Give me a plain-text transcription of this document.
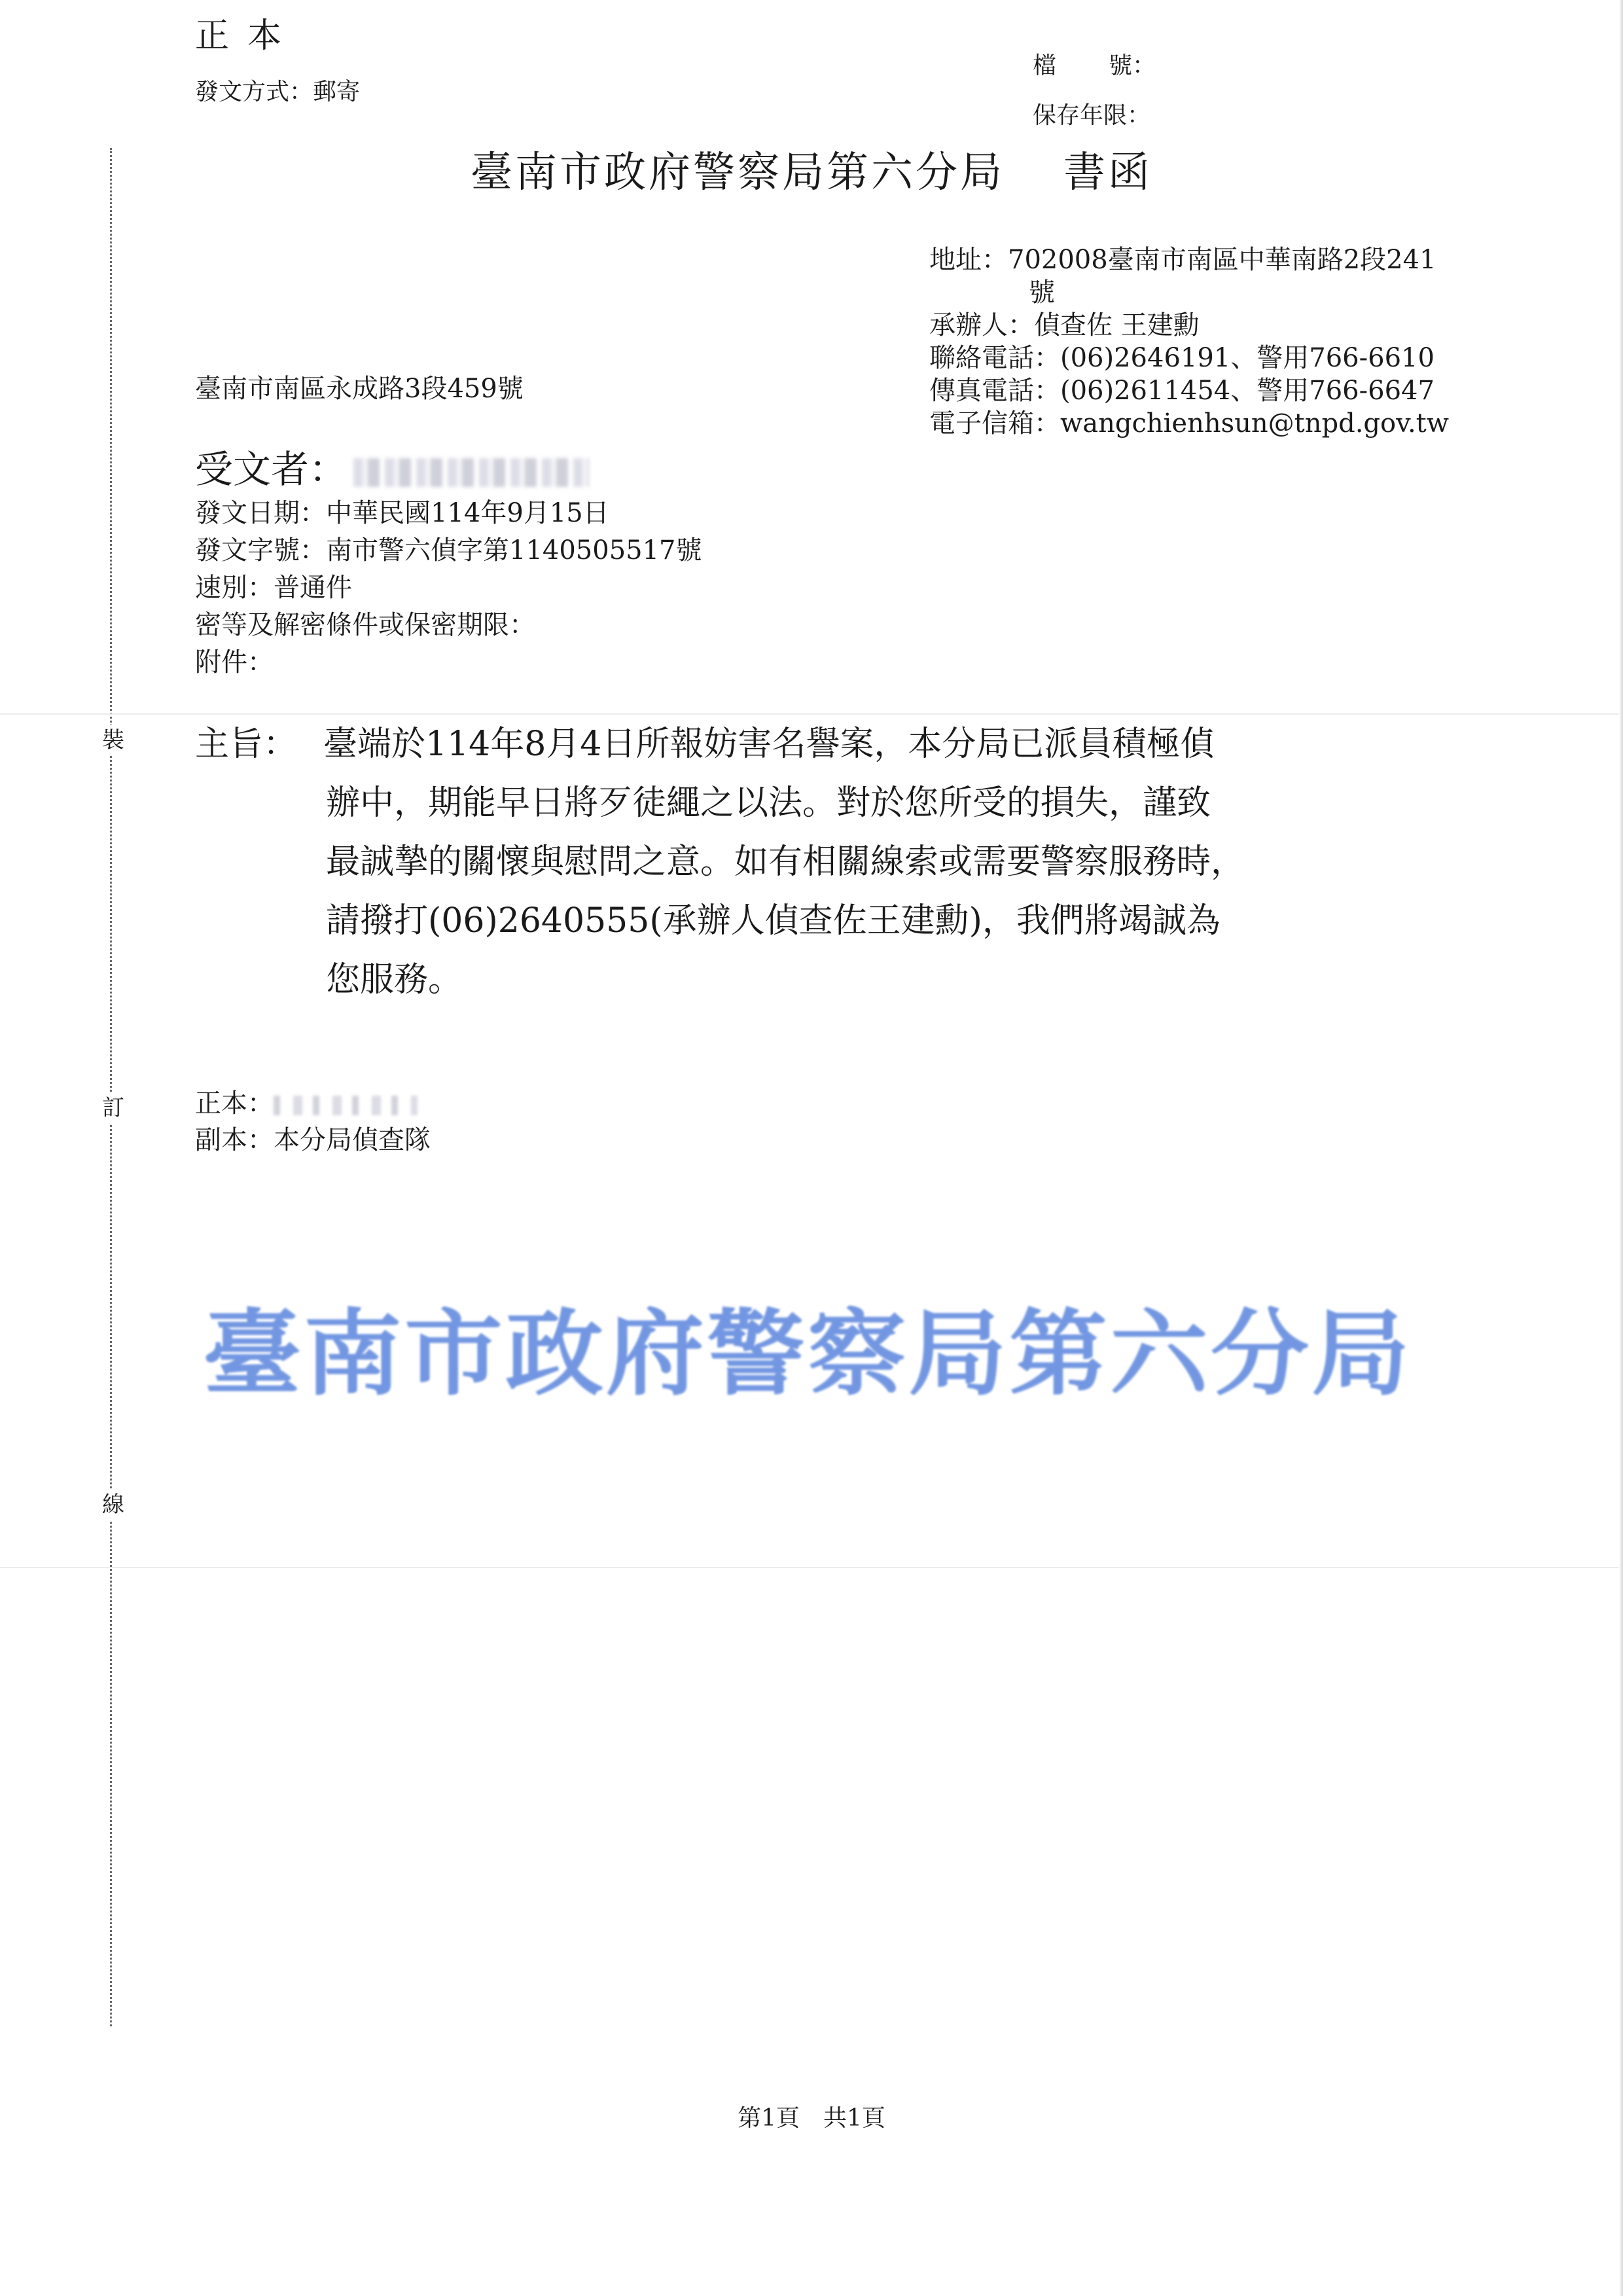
裝
訂
線
正本
發文方式：郵寄
檔 號：
保存年限：
臺南市政府警察局第六分局 書函
地址：702008臺南市南區中華南路2段241
號
承辦人：偵查佐 王建勳
聯絡電話：(06)2646191、警用766-6610
傳真電話：(06)2611454、警用766-6647
電子信箱：wangchienhsun@tnpd.gov.tw
臺南市南區永成路3段459號
受文者：
發文日期：中華民國114年9月15日
發文字號：南市警六偵字第1140505517號
速別：普通件
密等及解密條件或保密期限：
附件：
主旨： 臺端於114年8月4日所報妨害名譽案，本分局已派員積極偵
辦中，期能早日將歹徒繩之以法。對於您所受的損失，謹致
最誠摯的關懷與慰問之意。如有相關線索或需要警察服務時，
請撥打(06)2640555(承辦人偵查佐王建勳)，我們將竭誠為
您服務。
正本：
副本：本分局偵查隊
臺南市政府警察局第六分局
第1頁 共1頁
